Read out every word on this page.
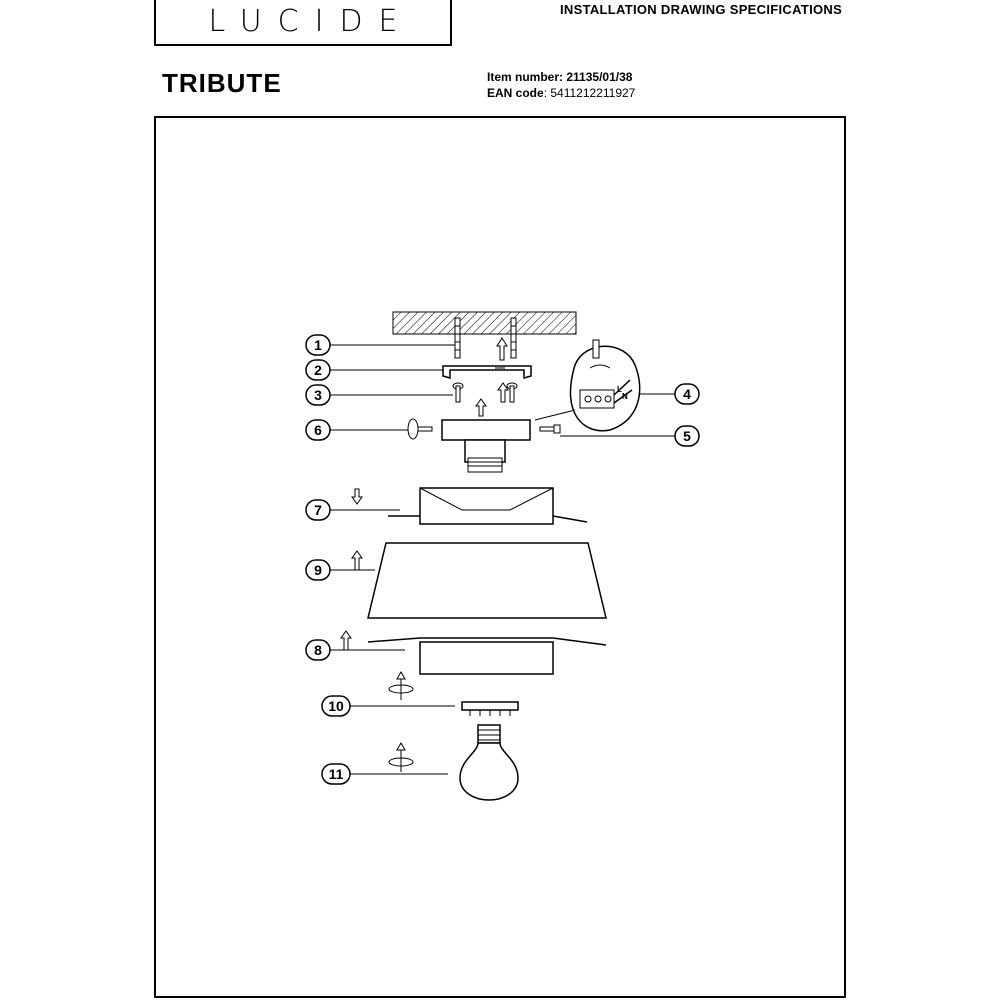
LUCIDE	INSTALLATION DRAWING SPECIFICATIONS
TRIBUTE	Item number: 21135/01/38
EAN code: 5411212211927
L
N
1
2
3
6
4
5
7
9
8
10
11
